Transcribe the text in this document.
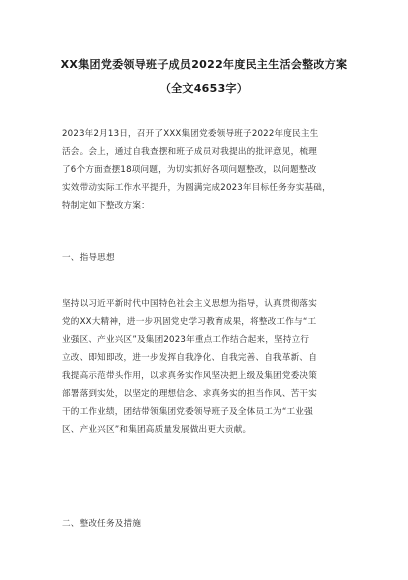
XX集团党委领导班子成员2022年度民主生活会整改方案
（全文4653字）
2023年2月13日，召开了XXX集团党委领导班子2022年度民主生
活会。会上，通过自我查摆和班子成员对我提出的批评意见，梳理
了6个方面查摆18项问题，为切实抓好各项问题整改，以问题整改
实效带动实际工作水平提升，为圆满完成2023年目标任务夯实基础，
特制定如下整改方案：
一、指导思想
坚持以习近平新时代中国特色社会主义思想为指导，认真贯彻落实
党的XX大精神，进一步巩固党史学习教育成果，将整改工作与“工
业强区、产业兴区”及集团2023年重点工作结合起来，坚持立行
立改、即知即改，进一步发挥自我净化、自我完善、自我革新、自
我提高示范带头作用，以求真务实作风坚决把上级及集团党委决策
部署落到实处，以坚定的理想信念、求真务实的担当作风、苦干实
干的工作业绩，团结带领集团党委领导班子及全体员工为“工业强
区、产业兴区”和集团高质量发展做出更大贡献。
二、整改任务及措施
